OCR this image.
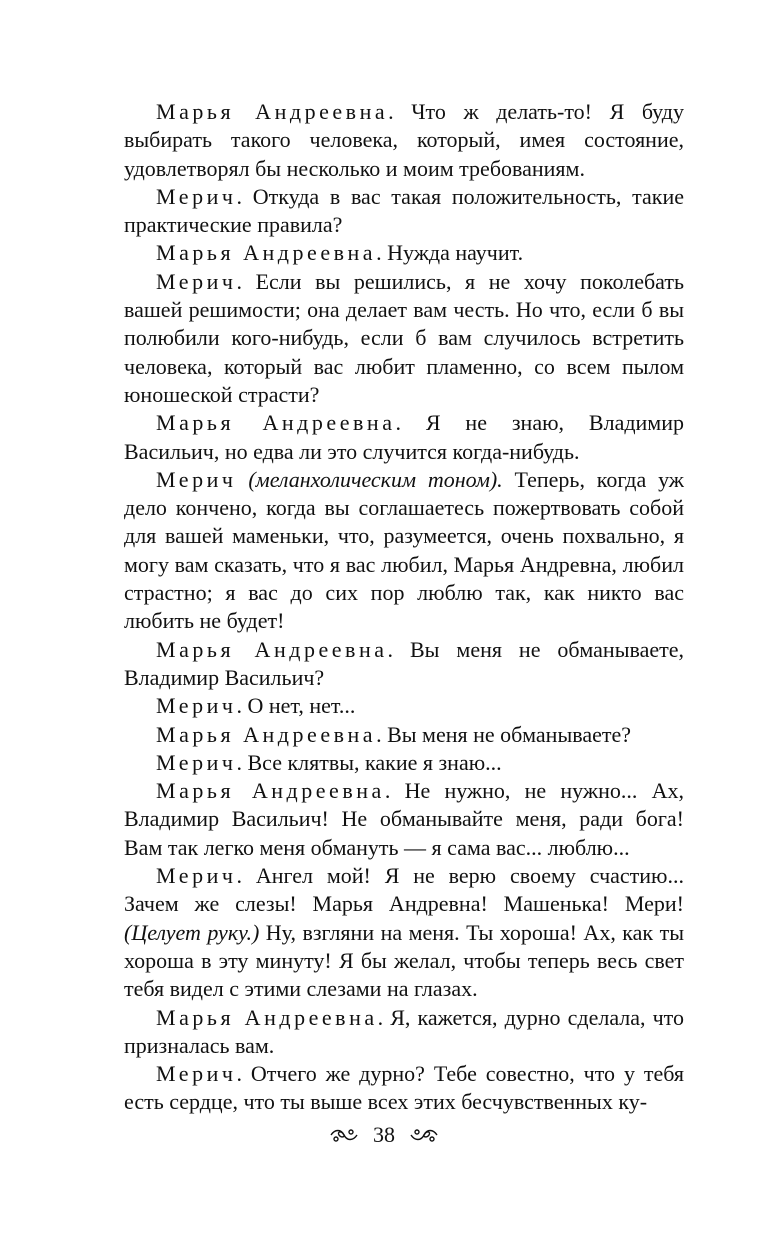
Марья Андреевна. Что ж делать-то! Я буду выбирать такого человека, который, имея состояние, удовлетворял бы несколько и моим требованиям.

Мерич. Откуда в вас такая положительность, такие практические правила?

Марья Андреевна. Нужда научит.

Мерич. Если вы решились, я не хочу поколебать вашей решимости; она делает вам честь. Но что, если б вы полюбили кого-нибудь, если б вам случилось встретить человека, который вас любит пламенно, со всем пылом юношеской страсти?

Марья Андреевна. Я не знаю, Владимир Васильич, но едва ли это случится когда-нибудь.

Мерич (меланхолическим тоном). Теперь, когда уж дело кончено, когда вы соглашаетесь пожертвовать собой для вашей маменьки, что, разумеется, очень похвально, я могу вам сказать, что я вас любил, Марья Андревна, любил страстно; я вас до сих пор люблю так, как никто вас любить не будет!

Марья Андреевна. Вы меня не обманываете, Владимир Васильич?

Мерич. О нет, нет...

Марья Андреевна. Вы меня не обманываете?

Мерич. Все клятвы, какие я знаю...

Марья Андреевна. Не нужно, не нужно... Ах, Владимир Васильич! Не обманывайте меня, ради бога! Вам так легко меня обмануть — я сама вас... люблю...

Мерич. Ангел мой! Я не верю своему счастию... Зачем же слезы! Марья Андревна! Машенька! Мери! (Целует руку.) Ну, взгляни на меня. Ты хороша! Ах, как ты хороша в эту минуту! Я бы желал, чтобы теперь весь свет тебя видел с этими слезами на глазах.

Марья Андреевна. Я, кажется, дурно сделала, что призналась вам.

Мерич. Отчего же дурно? Тебе совестно, что у тебя есть сердце, что ты выше всех этих бесчувственных ку-

38
